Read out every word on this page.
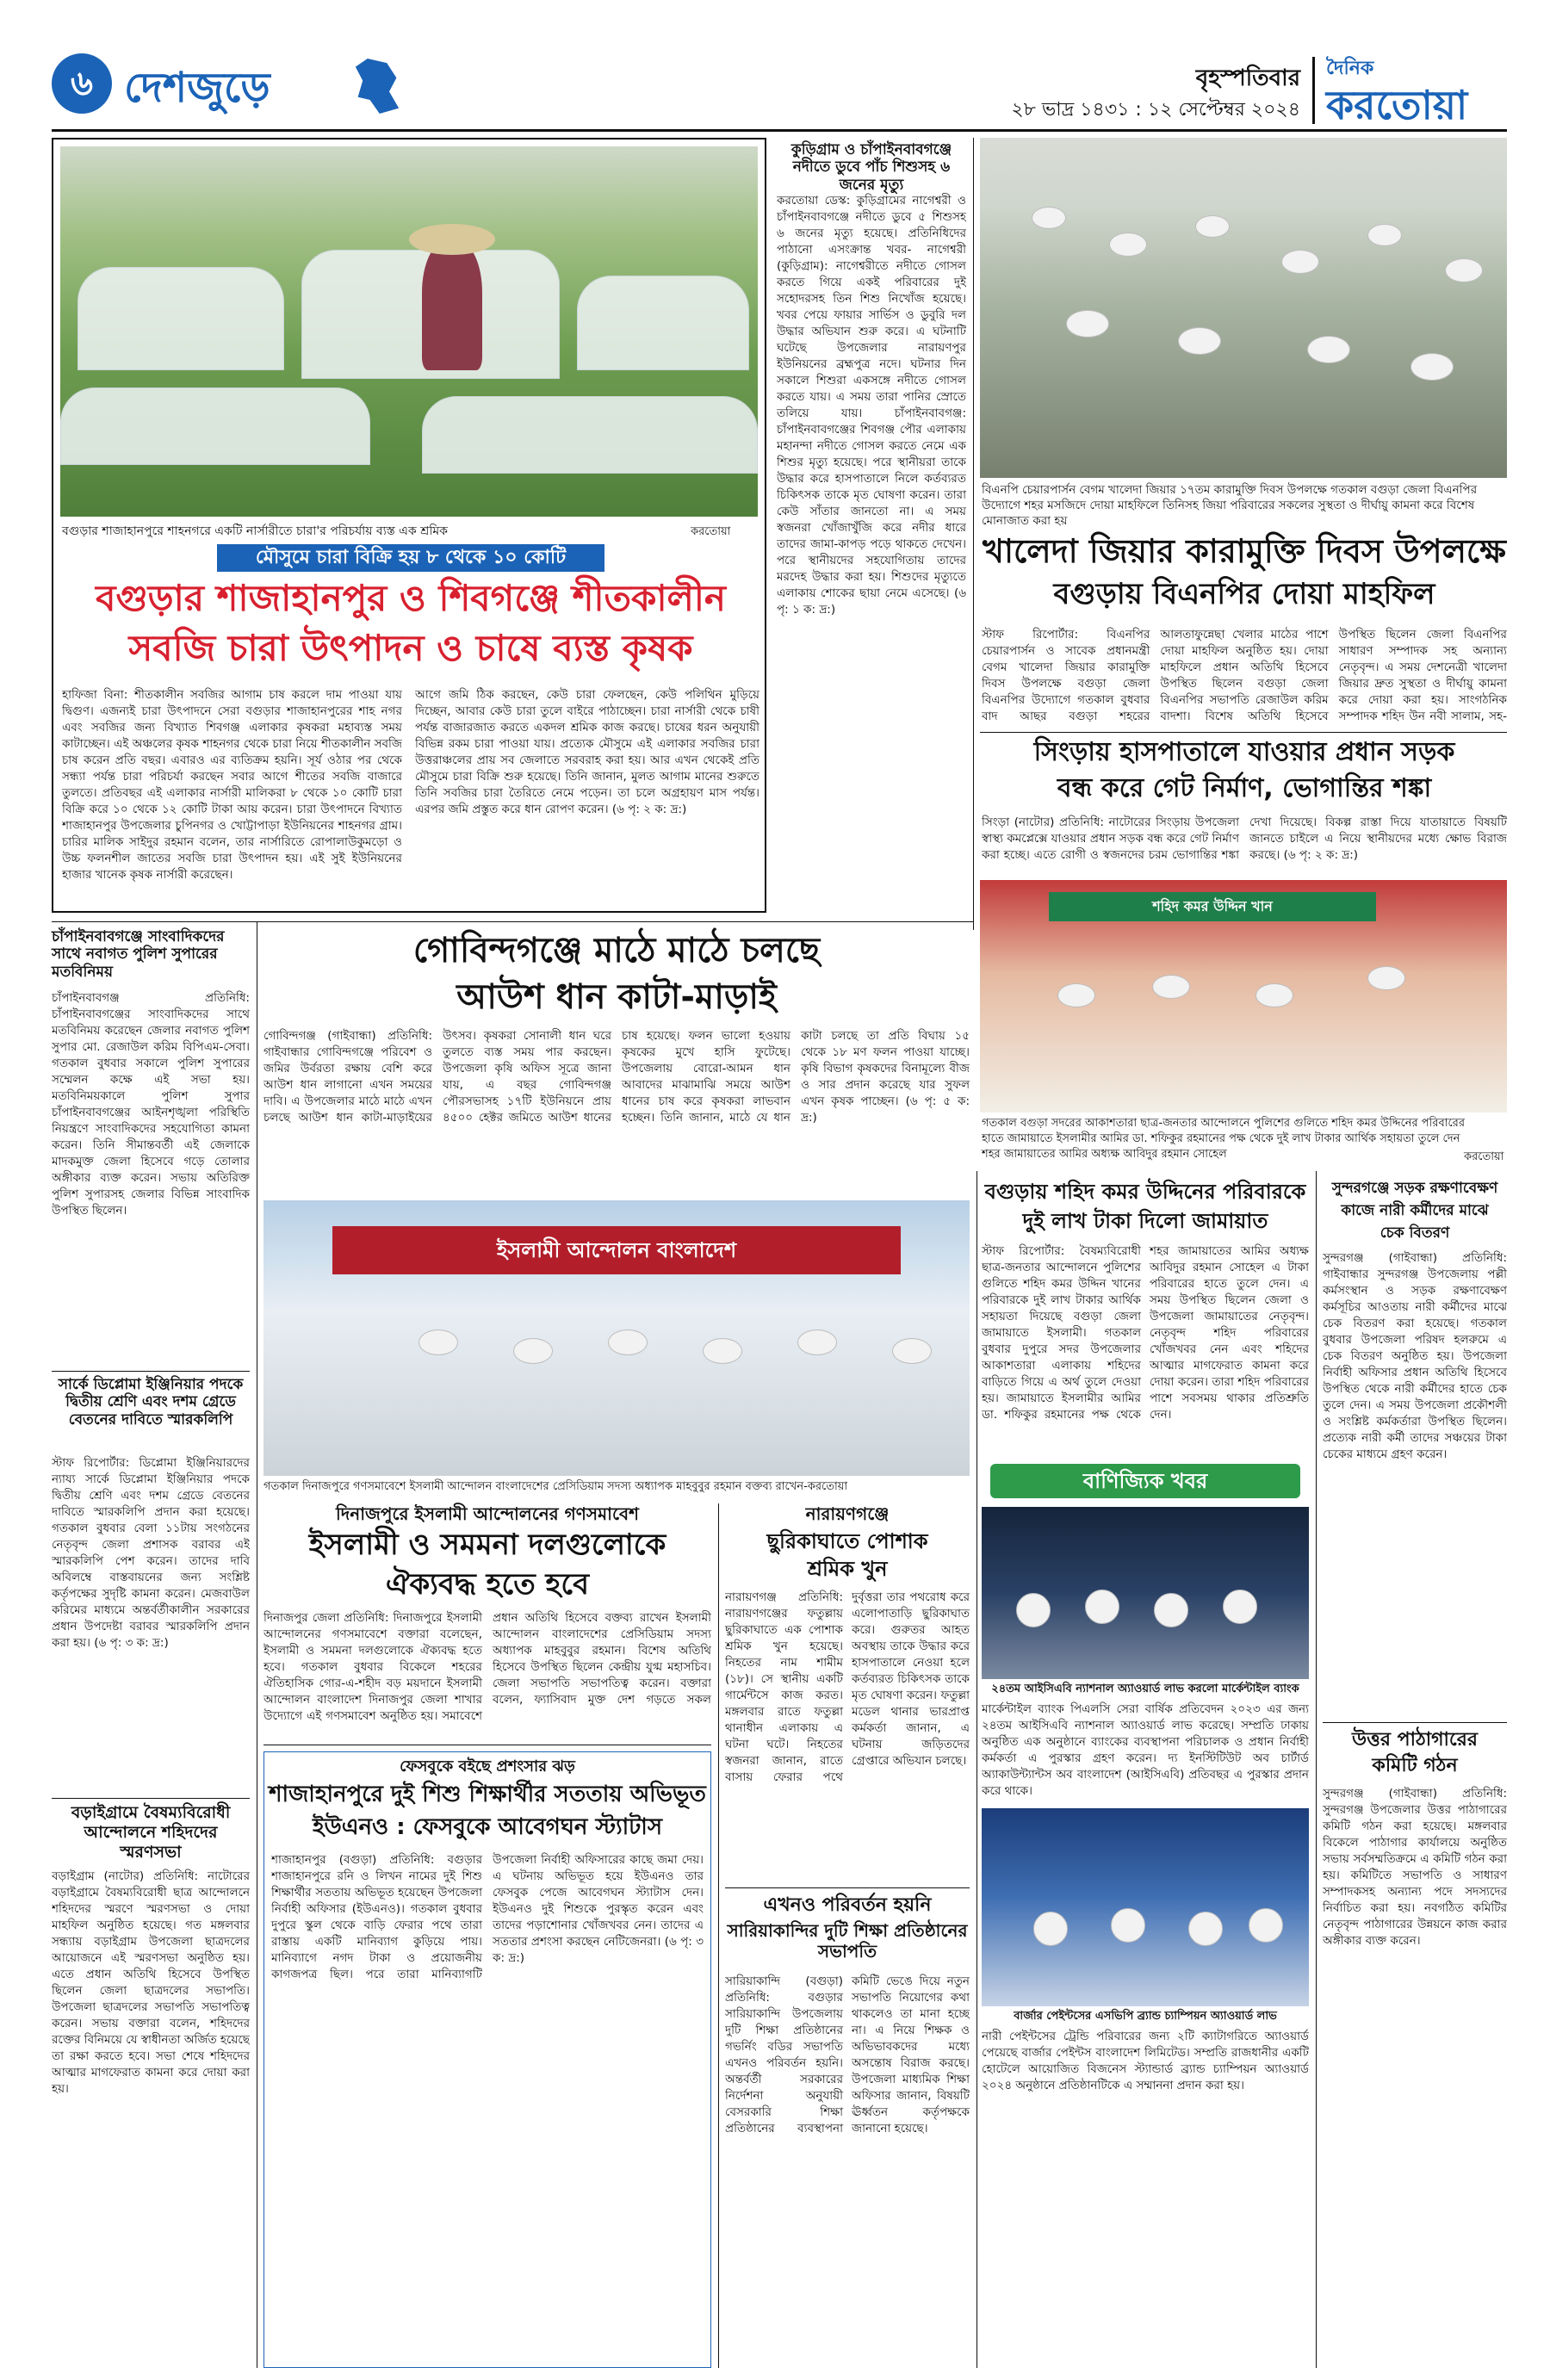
৬ দেশজুড়ে	বৃহস্পতিবার
২৮ ভাদ্র ১৪৩১ : ১২ সেপ্টেম্বর ২০২৪
দৈনিক
করতোয়া
বগুড়ার শাজাহানপুরে শাহনগরে একটি নার্সারীতে চারা'র পরিচর্যায় ব্যস্ত এক শ্রমিক	করতোয়া
মৌসুমে চারা বিক্রি হয় ৮ থেকে ১০ কোটি
বগুড়ার শাজাহানপুর ও শিবগঞ্জে শীতকালীন
সবজি চারা উৎপাদন ও চাষে ব্যস্ত কৃষক
হাফিজা বিনা: শীতকালীন সবজির আগাম চাষ করলে দাম পাওয়া যায় দ্বিগুণ। এজন্যই চারা উৎপাদনে সেরা বগুড়ার শাজাহানপুরের শাহ নগর এবং সবজির জন্য বিখ্যাত শিবগঞ্জ এলাকার কৃষকরা মহাব্যস্ত সময় কাটাচ্ছেন। এই অঞ্চলের কৃষক শাহনগর থেকে চারা নিয়ে শীতকালীন সবজি চাষ করেন প্রতি বছর। এবারও এর ব্যতিক্রম হয়নি। সূর্য ওঠার পর থেকে সন্ধ্যা পর্যন্ত চারা পরিচর্যা করছেন সবার আগে শীতের সবজি বাজারে তুলতে। প্রতিবছর এই এলাকার নার্সারী মালিকরা ৮ থেকে ১০ কোটি চারা বিক্রি করে ১০ থেকে ১২ কোটি টাকা আয় করেন। চারা উৎপাদনে বিখ্যাত শাজাহানপুর উপজেলার চুপিনগর ও খোট্টাপাড়া ইউনিয়নের শাহনগর গ্রাম। চারির মালিক সাইদুর রহমান বলেন, তার নার্সারিতে রোপালাউকুমড়ো ও উচ্চ ফলনশীল জাতের সবজি চারা উৎপাদন হয়। এই সুই ইউনিয়নের হাজার খানেক কৃষক নার্সারী করেছেন।
আগে জমি ঠিক করছেন, কেউ চারা ফেলছেন, কেউ পলিথিন মুড়িয়ে দিচ্ছেন, আবার কেউ চারা তুলে বাইরে পাঠাচ্ছেন। চারা নার্সারী থেকে চাষী পর্যন্ত বাজারজাত করতে একদল শ্রমিক কাজ করছে। চাষের ধরন অনুযায়ী বিভিন্ন রকম চারা পাওয়া যায়। প্রত্যেক মৌসুমে এই এলাকার সবজির চারা উত্তরাঞ্চলের প্রায় সব জেলাতে সরবরাহ করা হয়। আর এখন থেকেই প্রতি মৌসুমে চারা বিক্রি শুরু হয়েছে। তিনি জানান, মুলত আগাম মানের শুরুতে তিনি সবজির চারা তৈরিতে নেমে পড়েন। তা চলে অগ্রহায়ণ মাস পর্যন্ত। এরপর জমি প্রস্তুত করে ধান রোপণ করেন। (৬ পৃ: ২ ক: দ্র:)
কুড়িগ্রাম ও চাঁপাইনবাবগঞ্জে নদীতে ডুবে পাঁচ শিশুসহ ৬ জনের মৃত্যু
করতোয়া ডেস্ক: কুড়িগ্রামের নাগেশ্বরী ও চাঁপাইনবাবগঞ্জে নদীতে ডুবে ৫ শিশুসহ ৬ জনের মৃত্যু হয়েছে। প্রতিনিধিদের পাঠানো এসংক্রান্ত খবর- নাগেশ্বরী (কুড়িগ্রাম): নাগেশ্বরীতে নদীতে গোসল করতে গিয়ে একই পরিবারের দুই সহোদরসহ তিন শিশু নিখোঁজ হয়েছে। খবর পেয়ে ফায়ার সার্ভিস ও ডুবুরি দল উদ্ধার অভিযান শুরু করে। এ ঘটনাটি ঘটেছে উপজেলার নারায়ণপুর ইউনিয়নের ব্রহ্মপুত্র নদে। ঘটনার দিন সকালে শিশুরা একসঙ্গে নদীতে গোসল করতে যায়। এ সময় তারা পানির স্রোতে তলিয়ে যায়। চাঁপাইনবাবগঞ্জ: চাঁপাইনবাবগঞ্জের শিবগঞ্জ পৌর এলাকায় মহানন্দা নদীতে গোসল করতে নেমে এক শিশুর মৃত্যু হয়েছে। পরে স্থানীয়রা তাকে উদ্ধার করে হাসপাতালে নিলে কর্তব্যরত চিকিৎসক তাকে মৃত ঘোষণা করেন। তারা কেউ সাঁতার জানতো না। এ সময় স্বজনরা খোঁজাখুঁজি করে নদীর ধারে তাদের জামা-কাপড় পড়ে থাকতে দেখেন। পরে স্থানীয়দের সহযোগিতায় তাদের মরদেহ উদ্ধার করা হয়। শিশুদের মৃত্যুতে এলাকায় শোকের ছায়া নেমে এসেছে। (৬ পৃ: ১ ক: দ্র:)
বিএনপি চেয়ারপার্সন বেগম খালেদা জিয়ার ১৭তম কারামুক্তি দিবস উপলক্ষে গতকাল বগুড়া জেলা বিএনপির উদ্যোগে শহর মসজিদে দোয়া মাহফিলে তিনিসহ জিয়া পরিবারের সকলের সুস্থতা ও দীর্ঘায়ু কামনা করে বিশেষ মোনাজাত করা হয়
খালেদা জিয়ার কারামুক্তি দিবস উপলক্ষে
বগুড়ায় বিএনপির দোয়া মাহফিল
স্টাফ রিপোর্টার: বিএনপির চেয়ারপার্সন ও সাবেক প্রধানমন্ত্রী বেগম খালেদা জিয়ার কারামুক্তি দিবস উপলক্ষে বগুড়া জেলা বিএনপির উদ্যোগে গতকাল বুধবার বাদ আছর বগুড়া শহরের আলতাফুন্নেছা খেলার মাঠের পাশে দোয়া মাহফিল অনুষ্ঠিত হয়। দোয়া মাহফিলে প্রধান অতিথি হিসেবে উপস্থিত ছিলেন বগুড়া জেলা বিএনপির সভাপতি রেজাউল করিম বাদশা। বিশেষ অতিথি হিসেবে উপস্থিত ছিলেন জেলা বিএনপির সাধারণ সম্পাদক সহ অন্যান্য নেতৃবৃন্দ। এ সময় দেশনেত্রী খালেদা জিয়ার দ্রুত সুস্থতা ও দীর্ঘায়ু কামনা করে দোয়া করা হয়। সাংগঠনিক সম্পাদক শহিদ উন নবী সালাম, সহ-
সিংড়ায় হাসপাতালে যাওয়ার প্রধান সড়ক
বন্ধ করে গেট নির্মাণ, ভোগান্তির শঙ্কা
সিংড়া (নাটোর) প্রতিনিধি: নাটোরের সিংড়ায় উপজেলা স্বাস্থ্য কমপ্লেক্সে যাওয়ার প্রধান সড়ক বন্ধ করে গেট নির্মাণ করা হচ্ছে। এতে রোগী ও স্বজনদের চরম ভোগান্তির শঙ্কা দেখা দিয়েছে। বিকল্প রাস্তা দিয়ে যাতায়াতে বিষয়টি জানতে চাইলে এ নিয়ে স্থানীয়দের মধ্যে ক্ষোভ বিরাজ করছে। (৬ পৃ: ২ ক: দ্র:)
শহিদ কমর উদ্দিন খান
গতকাল বগুড়া সদরের আকাশতারা ছাত্র-জনতার আন্দোলনে পুলিশের গুলিতে শহিদ কমর উদ্দিনের পরিবারের হাতে জামায়াতে ইসলামীর আমির ডা. শফিকুর রহমানের পক্ষ থেকে দুই লাখ টাকার আর্থিক সহায়তা তুলে দেন শহর জামায়াতের আমির অধ্যক্ষ আবিদুর রহমান সোহেল	করতোয়া
চাঁপাইনবাবগঞ্জে সাংবাদিকদের সাথে নবাগত পুলিশ সুপারের মতবিনিময়
চাঁপাইনবাবগঞ্জ প্রতিনিধি: চাঁপাইনবাবগঞ্জের সাংবাদিকদের সাথে মতবিনিময় করেছেন জেলার নবাগত পুলিশ সুপার মো. রেজাউল করিম বিপিএম-সেবা। গতকাল বুধবার সকালে পুলিশ সুপারের সম্মেলন কক্ষে এই সভা হয়। মতবিনিময়কালে পুলিশ সুপার চাঁপাইনবাবগঞ্জের আইনশৃঙ্খলা পরিস্থিতি নিয়ন্ত্রণে সাংবাদিকদের সহযোগিতা কামনা করেন। তিনি সীমান্তবর্তী এই জেলাকে মাদকমুক্ত জেলা হিসেবে গড়ে তোলার অঙ্গীকার ব্যক্ত করেন। সভায় অতিরিক্ত পুলিশ সুপারসহ জেলার বিভিন্ন সাংবাদিক উপস্থিত ছিলেন।
সার্কে ডিপ্লোমা ইঞ্জিনিয়ার পদকে দ্বিতীয় শ্রেণি এবং দশম গ্রেডে বেতনের দাবিতে স্মারকলিপি
স্টাফ রিপোর্টার: ডিপ্লোমা ইঞ্জিনিয়ারদের ন্যায্য সার্কে ডিপ্লোমা ইঞ্জিনিয়ার পদকে দ্বিতীয় শ্রেণি এবং দশম গ্রেডে বেতনের দাবিতে স্মারকলিপি প্রদান করা হয়েছে। গতকাল বুধবার বেলা ১১টায় সংগঠনের নেতৃবৃন্দ জেলা প্রশাসক বরাবর এই স্মারকলিপি পেশ করেন। তাদের দাবি অবিলম্বে বাস্তবায়নের জন্য সংশ্লিষ্ট কর্তৃপক্ষের সুদৃষ্টি কামনা করেন। মেজবাউল করিমের মাধ্যমে অন্তর্বর্তীকালীন সরকারের প্রধান উপদেষ্টা বরাবর স্মারকলিপি প্রদান করা হয়। (৬ পৃ: ৩ ক: দ্র:)
বড়াইগ্রামে বৈষম্যবিরোধী আন্দোলনে শহিদদের স্মরণসভা
বড়াইগ্রাম (নাটোর) প্রতিনিধি: নাটোরের বড়াইগ্রামে বৈষম্যবিরোধী ছাত্র আন্দোলনে শহিদদের স্মরণে স্মরণসভা ও দোয়া মাহফিল অনুষ্ঠিত হয়েছে। গত মঙ্গলবার সন্ধ্যায় বড়াইগ্রাম উপজেলা ছাত্রদলের আয়োজনে এই স্মরণসভা অনুষ্ঠিত হয়। এতে প্রধান অতিথি হিসেবে উপস্থিত ছিলেন জেলা ছাত্রদলের সভাপতি। উপজেলা ছাত্রদলের সভাপতি সভাপতিত্ব করেন। সভায় বক্তারা বলেন, শহিদদের রক্তের বিনিময়ে যে স্বাধীনতা অর্জিত হয়েছে তা রক্ষা করতে হবে। সভা শেষে শহিদদের আত্মার মাগফেরাত কামনা করে দোয়া করা হয়।
গোবিন্দগঞ্জে মাঠে মাঠে চলছে
আউশ ধান কাটা-মাড়াই
গোবিন্দগঞ্জ (গাইবান্ধা) প্রতিনিধি: গাইবান্ধার গোবিন্দগঞ্জে পরিবেশ ও জমির উর্বরতা রক্ষায় বেশি করে আউশ ধান লাগানো এখন সময়ের দাবি। এ উপজেলার মাঠে মাঠে এখন চলছে আউশ ধান কাটা-মাড়াইয়ের উৎসব। কৃষকরা সোনালী ধান ঘরে তুলতে ব্যস্ত সময় পার করছেন। উপজেলা কৃষি অফিস সূত্রে জানা যায়, এ বছর গোবিন্দগঞ্জ পৌরসভাসহ ১৭টি ইউনিয়নে প্রায় ৪৫০০ হেক্টর জমিতে আউশ ধানের চাষ হয়েছে। ফলন ভালো হওয়ায় কৃষকের মুখে হাসি ফুটেছে। উপজেলায় বোরো-আমন ধান আবাদের মাঝামাঝি সময়ে আউশ ধানের চাষ করে কৃষকরা লাভবান হচ্ছেন। তিনি জানান, মাঠে যে ধান কাটা চলছে তা প্রতি বিঘায় ১৫ থেকে ১৮ মণ ফলন পাওয়া যাচ্ছে। কৃষি বিভাগ কৃষকদের বিনামূল্যে বীজ ও সার প্রদান করেছে যার সুফল এখন কৃষক পাচ্ছেন। (৬ পৃ: ৫ ক: দ্র:)
ইসলামী আন্দোলন বাংলাদেশ
গতকাল দিনাজপুরে গণসমাবেশে ইসলামী আন্দোলন বাংলাদেশের প্রেসিডিয়াম সদস্য অধ্যাপক মাহবুবুর রহমান বক্তব্য রাখেন-করতোয়া
দিনাজপুরে ইসলামী আন্দোলনের গণসমাবেশ
ইসলামী ও সমমনা দলগুলোকে
ঐক্যবদ্ধ হতে হবে
দিনাজপুর জেলা প্রতিনিধি: দিনাজপুরে ইসলামী আন্দোলনের গণসমাবেশে বক্তারা বলেছেন, ইসলামী ও সমমনা দলগুলোকে ঐক্যবদ্ধ হতে হবে। গতকাল বুধবার বিকেলে শহরের ঐতিহাসিক গোর-এ-শহীদ বড় ময়দানে ইসলামী আন্দোলন বাংলাদেশ দিনাজপুর জেলা শাখার উদ্যোগে এই গণসমাবেশ অনুষ্ঠিত হয়। সমাবেশে প্রধান অতিথি হিসেবে বক্তব্য রাখেন ইসলামী আন্দোলন বাংলাদেশের প্রেসিডিয়াম সদস্য অধ্যাপক মাহবুবুর রহমান। বিশেষ অতিথি হিসেবে উপস্থিত ছিলেন কেন্দ্রীয় যুগ্ম মহাসচিব। জেলা সভাপতি সভাপতিত্ব করেন। বক্তারা বলেন, ফ্যাসিবাদ মুক্ত দেশ গড়তে সকল
ফেসবুকে বইছে প্রশংসার ঝড়
শাজাহানপুরে দুই শিশু শিক্ষার্থীর সততায় অভিভূত
ইউএনও : ফেসবুকে আবেগঘন স্ট্যাটাস
শাজাহানপুর (বগুড়া) প্রতিনিধি: বগুড়ার শাজাহানপুরে রনি ও লিখন নামের দুই শিশু শিক্ষার্থীর সততায় অভিভূত হয়েছেন উপজেলা নির্বাহী অফিসার (ইউএনও)। গতকাল বুধবার দুপুরে স্কুল থেকে বাড়ি ফেরার পথে তারা রাস্তায় একটি মানিব্যাগ কুড়িয়ে পায়। মানিব্যাগে নগদ টাকা ও প্রয়োজনীয় কাগজপত্র ছিল। পরে তারা মানিব্যাগটি উপজেলা নির্বাহী অফিসারের কাছে জমা দেয়। এ ঘটনায় অভিভূত হয়ে ইউএনও তার ফেসবুক পেজে আবেগঘন স্ট্যাটাস দেন। ইউএনও দুই শিশুকে পুরস্কৃত করেন এবং তাদের পড়াশোনার খোঁজখবর নেন। তাদের এ সততার প্রশংসা করছেন নেটিজেনরা। (৬ পৃ: ৩ ক: দ্র:)
নারায়ণগঞ্জে
ছুরিকাঘাতে পোশাক
শ্রমিক খুন
নারায়ণগঞ্জ প্রতিনিধি: নারায়ণগঞ্জের ফতুল্লায় ছুরিকাঘাতে এক পোশাক শ্রমিক খুন হয়েছে। নিহতের নাম শামীম (১৮)। সে স্থানীয় একটি গার্মেন্টসে কাজ করত। মঙ্গলবার রাতে ফতুল্লা থানাধীন এলাকায় এ ঘটনা ঘটে। নিহতের স্বজনরা জানান, রাতে বাসায় ফেরার পথে দুর্বৃত্তরা তার পথরোধ করে এলোপাতাড়ি ছুরিকাঘাত করে। গুরুতর আহত অবস্থায় তাকে উদ্ধার করে হাসপাতালে নেওয়া হলে কর্তব্যরত চিকিৎসক তাকে মৃত ঘোষণা করেন। ফতুল্লা মডেল থানার ভারপ্রাপ্ত কর্মকর্তা জানান, এ ঘটনায় জড়িতদের গ্রেপ্তারে অভিযান চলছে।
এখনও পরিবর্তন হয়নি
সারিয়াকান্দির দুটি শিক্ষা প্রতিষ্ঠানের সভাপতি
সারিয়াকান্দি (বগুড়া) প্রতিনিধি: বগুড়ার সারিয়াকান্দি উপজেলায় দুটি শিক্ষা প্রতিষ্ঠানের গভর্নিং বডির সভাপতি এখনও পরিবর্তন হয়নি। অন্তর্বর্তী সরকারের নির্দেশনা অনুযায়ী বেসরকারি শিক্ষা প্রতিষ্ঠানের ব্যবস্থাপনা কমিটি ভেঙে দিয়ে নতুন সভাপতি নিয়োগের কথা থাকলেও তা মানা হচ্ছে না। এ নিয়ে শিক্ষক ও অভিভাবকদের মধ্যে অসন্তোষ বিরাজ করছে। উপজেলা মাধ্যমিক শিক্ষা অফিসার জানান, বিষয়টি ঊর্ধ্বতন কর্তৃপক্ষকে জানানো হয়েছে।
বগুড়ায় শহিদ কমর উদ্দিনের পরিবারকে
দুই লাখ টাকা দিলো জামায়াত
স্টাফ রিপোর্টার: বৈষম্যবিরোধী ছাত্র-জনতার আন্দোলনে পুলিশের গুলিতে শহিদ কমর উদ্দিন খানের পরিবারকে দুই লাখ টাকার আর্থিক সহায়তা দিয়েছে বগুড়া জেলা জামায়াতে ইসলামী। গতকাল বুধবার দুপুরে সদর উপজেলার আকাশতারা এলাকায় শহিদের বাড়িতে গিয়ে এ অর্থ তুলে দেওয়া হয়। জামায়াতে ইসলামীর আমির ডা. শফিকুর রহমানের পক্ষ থেকে শহর জামায়াতের আমির অধ্যক্ষ আবিদুর রহমান সোহেল এ টাকা পরিবারের হাতে তুলে দেন। এ সময় উপস্থিত ছিলেন জেলা ও উপজেলা জামায়াতের নেতৃবৃন্দ। নেতৃবৃন্দ শহিদ পরিবারের খোঁজখবর নেন এবং শহিদের আত্মার মাগফেরাত কামনা করে দোয়া করেন। তারা শহিদ পরিবারের পাশে সবসময় থাকার প্রতিশ্রুতি দেন।
বাণিজ্যিক খবর
২৪তম আইসিএবি ন্যাশনাল অ্যাওয়ার্ড লাভ করলো মার্কেন্টাইল ব্যাংক
মার্কেন্টাইল ব্যাংক পিএলসি সেরা বার্ষিক প্রতিবেদন ২০২৩ এর জন্য ২৪তম আইসিএবি ন্যাশনাল অ্যাওয়ার্ড লাভ করেছে। সম্প্রতি ঢাকায় অনুষ্ঠিত এক অনুষ্ঠানে ব্যাংকের ব্যবস্থাপনা পরিচালক ও প্রধান নির্বাহী কর্মকর্তা এ পুরস্কার গ্রহণ করেন। দ্য ইনস্টিটিউট অব চার্টার্ড অ্যাকাউন্ট্যান্টস অব বাংলাদেশ (আইসিএবি) প্রতিবছর এ পুরস্কার প্রদান করে থাকে।
বার্জার পেইন্টসের এসভিপি ব্র্যান্ড চ্যাম্পিয়ন অ্যাওয়ার্ড লাভ
নারী পেইন্টসের ট্রেন্ডি পরিবারের জন্য ২টি ক্যাটাগরিতে অ্যাওয়ার্ড পেয়েছে বার্জার পেইন্টস বাংলাদেশ লিমিটেড। সম্প্রতি রাজধানীর একটি হোটেলে আয়োজিত বিজনেস স্ট্যান্ডার্ড ব্র্যান্ড চ্যাম্পিয়ন অ্যাওয়ার্ড ২০২৪ অনুষ্ঠানে প্রতিষ্ঠানটিকে এ সম্মাননা প্রদান করা হয়।
সুন্দরগঞ্জে সড়ক রক্ষণাবেক্ষণ
কাজে নারী কর্মীদের মাঝে
চেক বিতরণ
সুন্দরগঞ্জ (গাইবান্ধা) প্রতিনিধি: গাইবান্ধার সুন্দরগঞ্জ উপজেলায় পল্লী কর্মসংস্থান ও সড়ক রক্ষণাবেক্ষণ কর্মসূচির আওতায় নারী কর্মীদের মাঝে চেক বিতরণ করা হয়েছে। গতকাল বুধবার উপজেলা পরিষদ হলরুমে এ চেক বিতরণ অনুষ্ঠিত হয়। উপজেলা নির্বাহী অফিসার প্রধান অতিথি হিসেবে উপস্থিত থেকে নারী কর্মীদের হাতে চেক তুলে দেন। এ সময় উপজেলা প্রকৌশলী ও সংশ্লিষ্ট কর্মকর্তারা উপস্থিত ছিলেন। প্রত্যেক নারী কর্মী তাদের সঞ্চয়ের টাকা চেকের মাধ্যমে গ্রহণ করেন।
উত্তর পাঠাগারের
কমিটি গঠন
সুন্দরগঞ্জ (গাইবান্ধা) প্রতিনিধি: সুন্দরগঞ্জ উপজেলার উত্তর পাঠাগারের কমিটি গঠন করা হয়েছে। মঙ্গলবার বিকেলে পাঠাগার কার্যালয়ে অনুষ্ঠিত সভায় সর্বসম্মতিক্রমে এ কমিটি গঠন করা হয়। কমিটিতে সভাপতি ও সাধারণ সম্পাদকসহ অন্যান্য পদে সদস্যদের নির্বাচিত করা হয়। নবগঠিত কমিটির নেতৃবৃন্দ পাঠাগারের উন্নয়নে কাজ করার অঙ্গীকার ব্যক্ত করেন।
